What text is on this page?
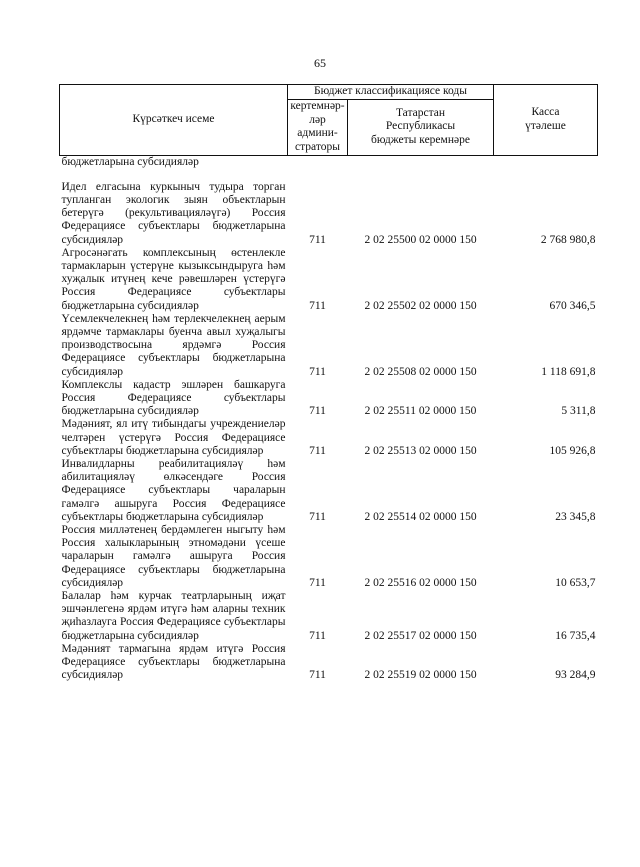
65
Күрсәткеч исеме	Бюджет классификациясе коды		Касса
үтәлеше
	кертемнәр-
ләр
админи-
страторы	Татарстан
Республикасы
бюджеты керемнәре	
бюджетларына субсидияләр			

Идел елгасына куркыныч тудыра торган тупланган экологик зыян объектларын бетерүгә (рекультивацияләүгә) Россия Федерациясе субъектлары бюджетларына субсидияләр	711	2 02 25500 02 0000 150	2 768 980,8
Агросәнәгать комплексының өстенлекле тармакларын үстерүне кызыксындыруга һәм хуҗалык итүнең кече рәвешләрен үстерүгә Россия Федерациясе субъектлары бюджетларына субсидияләр	711	2 02 25502 02 0000 150	670 346,5
Үсемлекчелекнең һәм терлекчелекнең аерым ярдәмче тармаклары буенча авыл хуҗалыгы производствосына ярдәмгә Россия Федерациясе субъектлары бюджетларына субсидияләр	711	2 02 25508 02 0000 150	1 118 691,8
Комплекслы кадастр эшләрен башкаруга Россия Федерациясе субъектлары бюджетларына субсидияләр	711	2 02 25511 02 0000 150	5 311,8
Мәдәният, ял итү тибындагы учреждениеләр челтәрен үстерүгә Россия Федерациясе субъектлары бюджетларына субсидияләр	711	2 02 25513 02 0000 150	105 926,8
Инвалидларны реабилитацияләү һәм абилитацияләү өлкәсендәге Россия Федерациясе субъектлары чараларын гамәлгә ашыруга Россия Федерациясе субъектлары бюджетларына субсидияләр	711	2 02 25514 02 0000 150	23 345,8
Россия милләтенең бердәмлеген ныгыту һәм Россия халыкларының этномәдәни үсеше чараларын гамәлгә ашыруга Россия Федерациясе субъектлары бюджетларына субсидияләр	711	2 02 25516 02 0000 150	10 653,7
Балалар һәм курчак театрларының иҗат эшчәнлегенә ярдәм итүгә һәм аларны техник җиһазлауга Россия Федерациясе субъектлары бюджетларына субсидияләр	711	2 02 25517 02 0000 150	16 735,4
Мәдәният тармагына ярдәм итүгә Россия Федерациясе субъектлары бюджетларына субсидияләр	711	2 02 25519 02 0000 150	93 284,9
